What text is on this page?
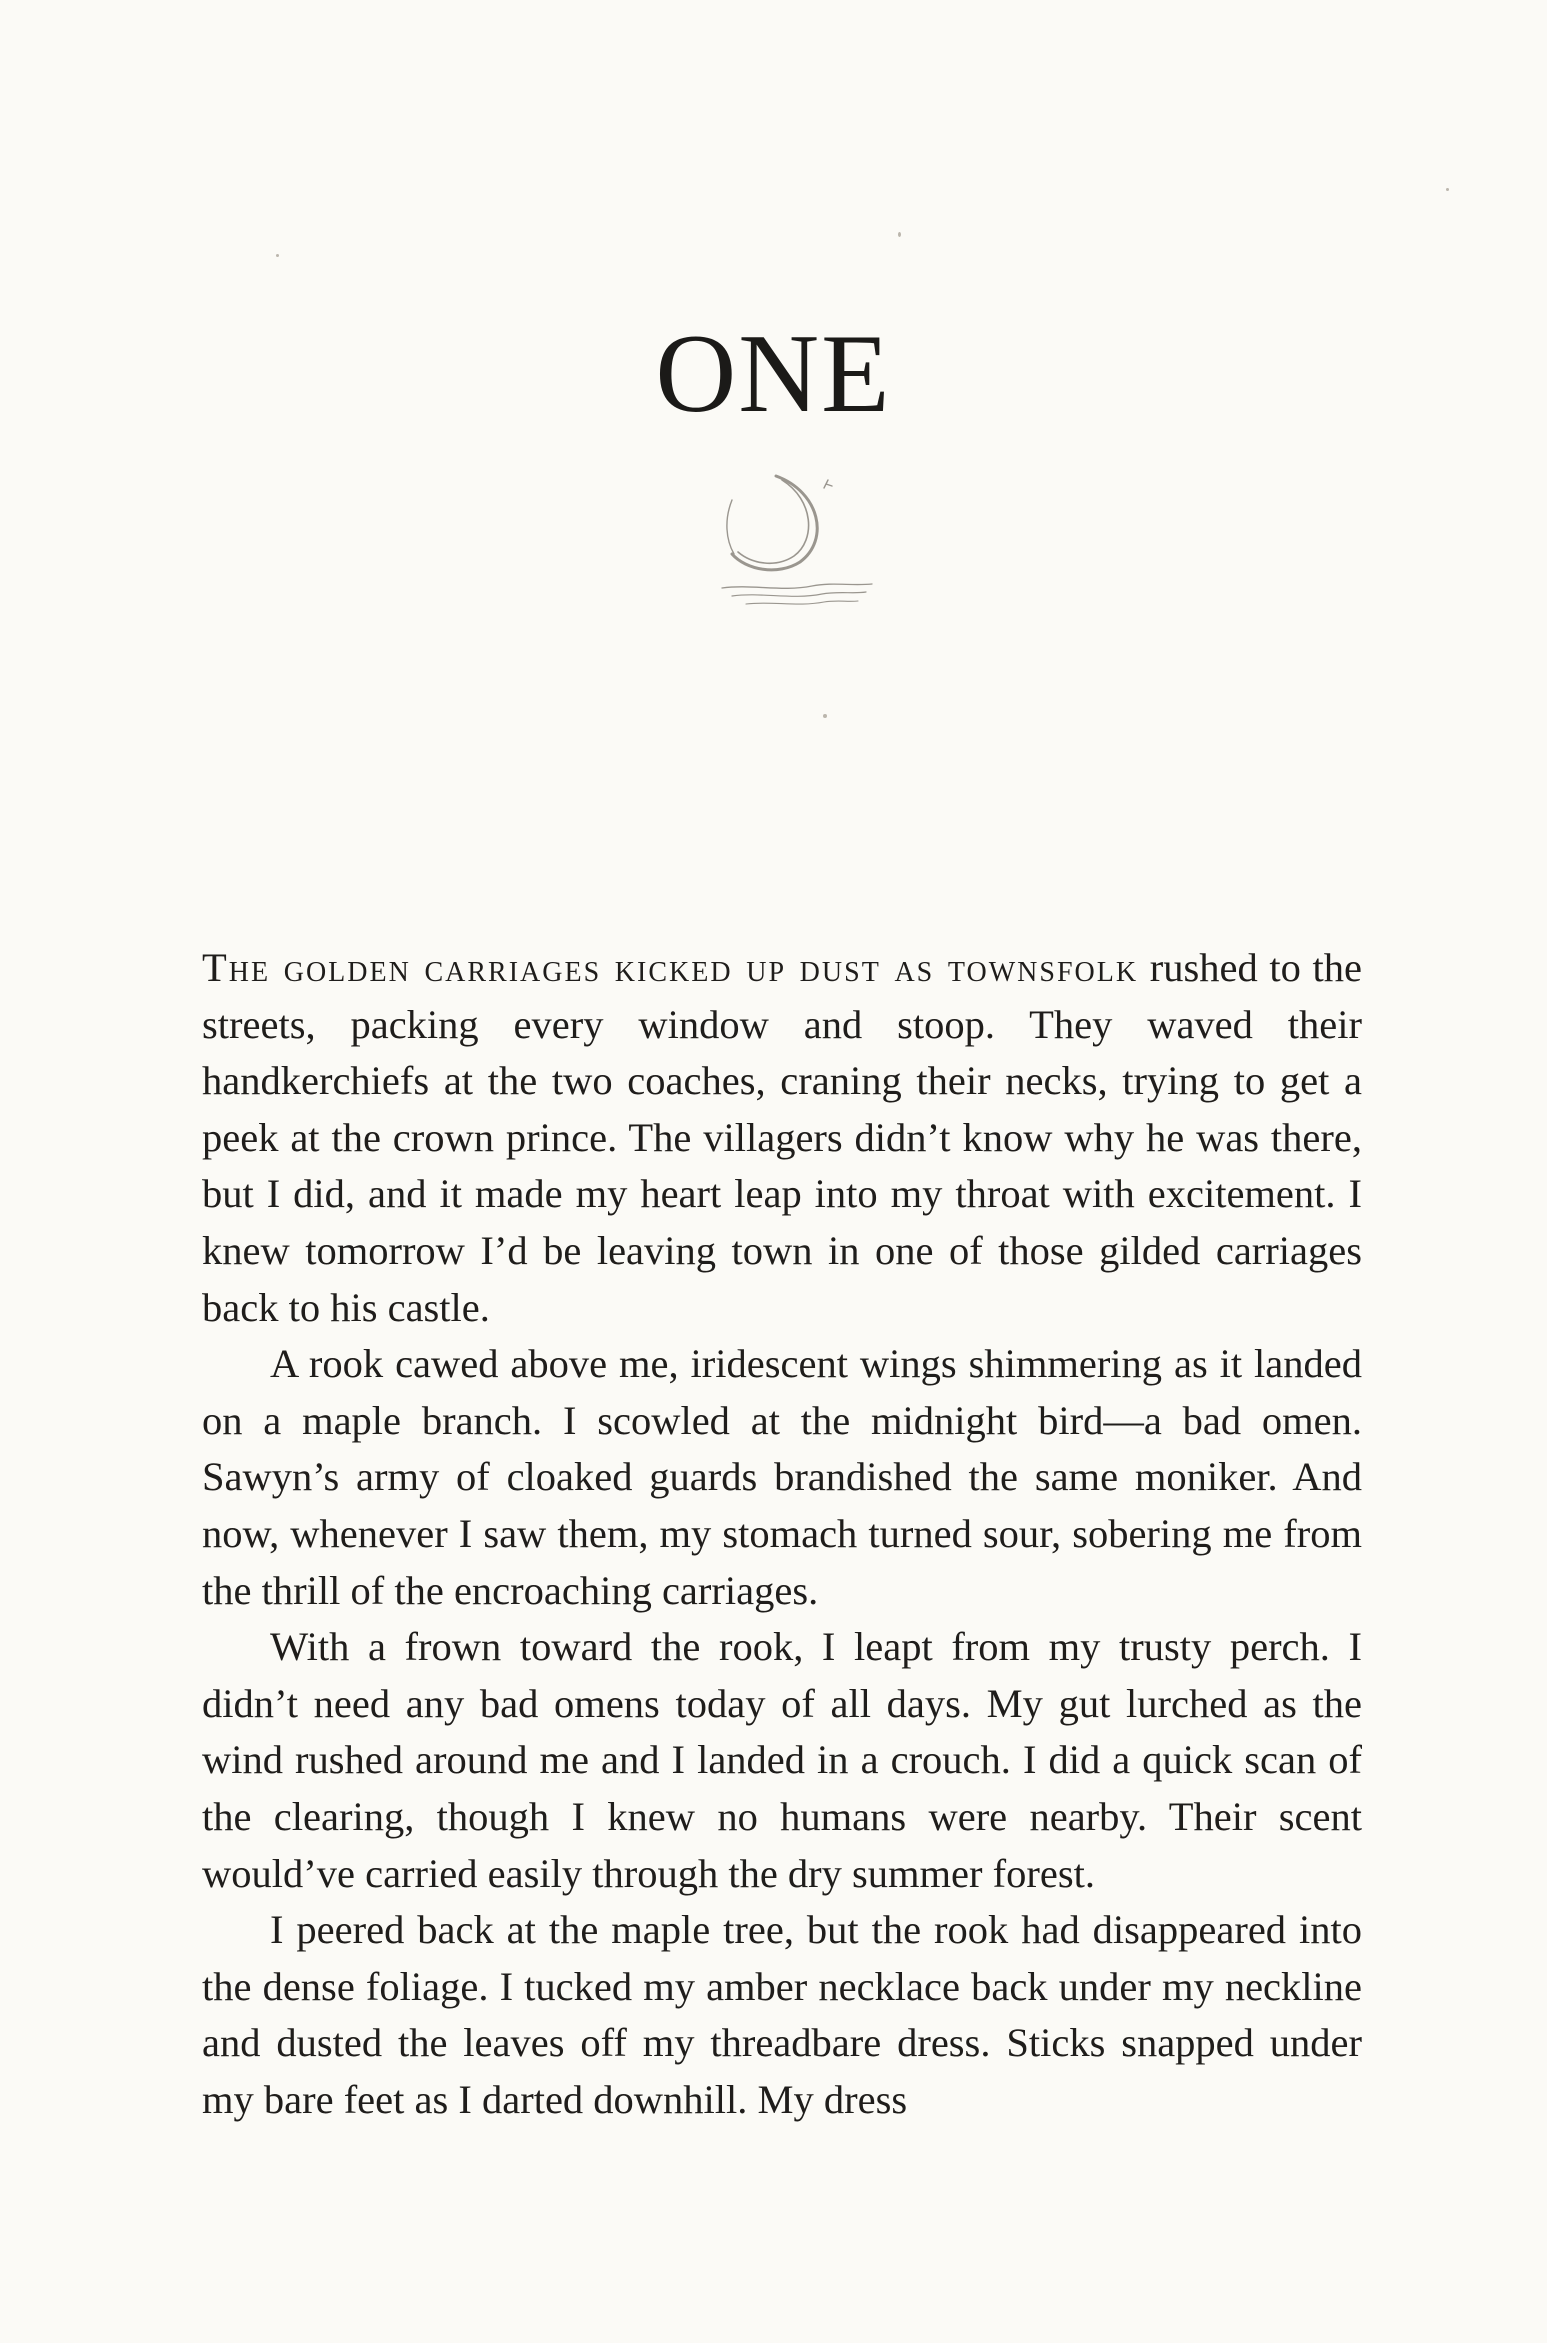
ONE

The golden carriages kicked up dust as townsfolk rushed to the streets, packing every window and stoop. They waved their handkerchiefs at the two coaches, craning their necks, trying to get a peek at the crown prince. The villagers didn’t know why he was there, but I did, and it made my heart leap into my throat with excitement. I knew tomorrow I’d be leaving town in one of those gilded carriages back to his castle.

A rook cawed above me, iridescent wings shimmering as it landed on a maple branch. I scowled at the midnight bird—a bad omen. Sawyn’s army of cloaked guards brandished the same moniker. And now, whenever I saw them, my stomach turned sour, sobering me from the thrill of the encroaching carriages.

With a frown toward the rook, I leapt from my trusty perch. I didn’t need any bad omens today of all days. My gut lurched as the wind rushed around me and I landed in a crouch. I did a quick scan of the clearing, though I knew no humans were nearby. Their scent would’ve carried easily through the dry summer forest.

I peered back at the maple tree, but the rook had disappeared into the dense foliage. I tucked my amber necklace back under my neckline and dusted the leaves off my threadbare dress. Sticks snapped under my bare feet as I darted downhill. My dress
